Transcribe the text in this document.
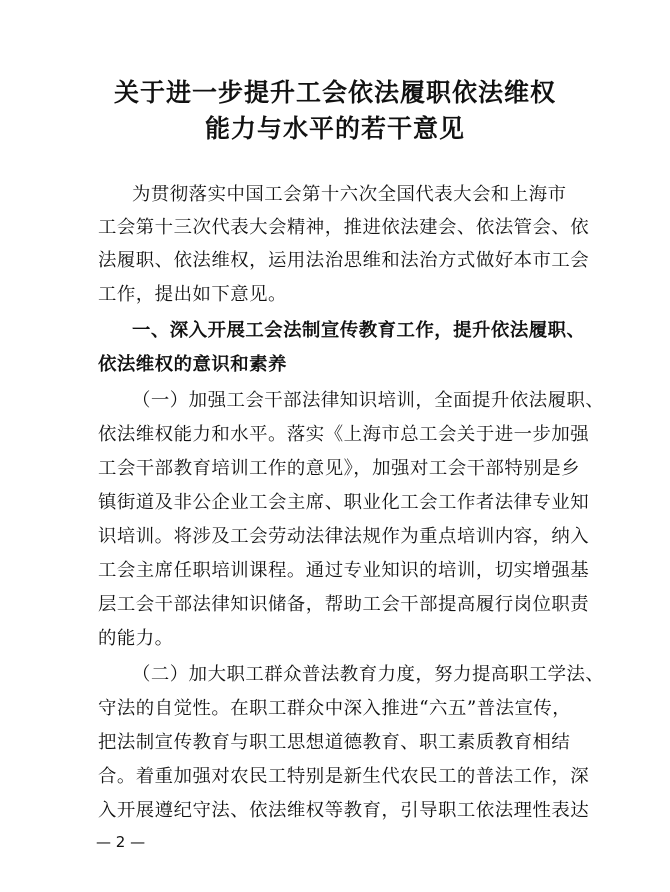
关于进一步提升工会依法履职依法维权
能力与水平的若干意见
为贯彻落实中国工会第十六次全国代表大会和上海市
工会第十三次代表大会精神，推进依法建会、依法管会、依
法履职、依法维权，运用法治思维和法治方式做好本市工会
工作，提出如下意见。
一、深入开展工会法制宣传教育工作，提升依法履职、
依法维权的意识和素养
（一）加强工会干部法律知识培训，全面提升依法履职、
依法维权能力和水平。落实《上海市总工会关于进一步加强
工会干部教育培训工作的意见》，加强对工会干部特别是乡
镇街道及非公企业工会主席、职业化工会工作者法律专业知
识培训。将涉及工会劳动法律法规作为重点培训内容，纳入
工会主席任职培训课程。通过专业知识的培训，切实增强基
层工会干部法律知识储备，帮助工会干部提高履行岗位职责
的能力。
（二）加大职工群众普法教育力度，努力提高职工学法、
守法的自觉性。在职工群众中深入推进“六五”普法宣传，
把法制宣传教育与职工思想道德教育、职工素质教育相结
合。着重加强对农民工特别是新生代农民工的普法工作，深
入开展遵纪守法、依法维权等教育，引导职工依法理性表达
— 2 —
